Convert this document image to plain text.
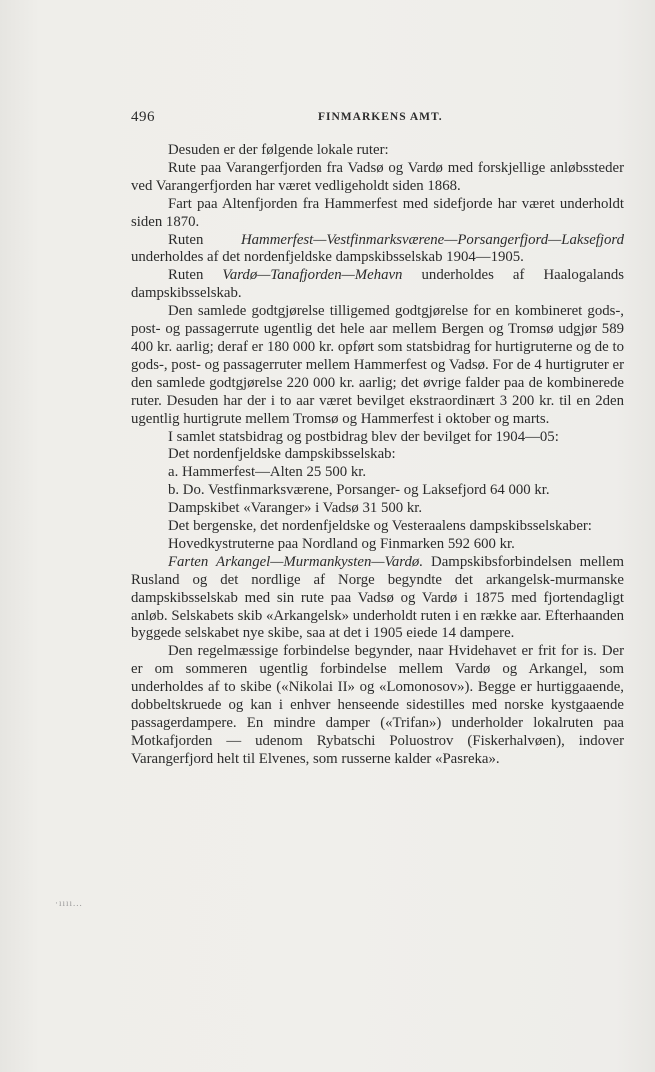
496	FINMARKENS AMT.

Desuden er der følgende lokale ruter:

Rute paa Varangerfjorden fra Vadsø og Vardø med forskjellige anløbssteder ved Varangerfjorden har været vedligeholdt siden 1868.

Fart paa Altenfjorden fra Hammerfest med sidefjorde har været underholdt siden 1870.

Ruten Hammerfest—Vestfinmarksværene—Porsangerfjord—Laksefjord underholdes af det nordenfjeldske dampskibsselskab 1904—1905.

Ruten Vardø—Tanafjorden—Mehavn underholdes af Haalogalands dampskibsselskab.

Den samlede godtgjørelse tilligemed godtgjørelse for en kombineret gods-, post- og passagerrute ugentlig det hele aar mellem Bergen og Tromsø udgjør 589 400 kr. aarlig; deraf er 180 000 kr. opført som statsbidrag for hurtigruterne og de to gods-, post- og passagerruter mellem Hammerfest og Vadsø. For de 4 hurtigruter er den samlede godtgjørelse 220 000 kr. aarlig; det øvrige falder paa de kombinerede ruter. Desuden har der i to aar været bevilget ekstraordinært 3 200 kr. til en 2den ugentlig hurtigrute mellem Tromsø og Hammerfest i oktober og marts.

I samlet statsbidrag og postbidrag blev der bevilget for 1904—05:

Det nordenfjeldske dampskibsselskab:

a. Hammerfest—Alten 25 500 kr.

b. Do. Vestfinmarksværene, Porsanger- og Laksefjord 64 000 kr.

Dampskibet «Varanger» i Vadsø 31 500 kr.

Det bergenske, det nordenfjeldske og Vesteraalens dampskibsselskaber:

Hovedkystruterne paa Nordland og Finmarken 592 600 kr.

Farten Arkangel—Murmankysten—Vardø. Dampskibsforbindelsen mellem Rusland og det nordlige af Norge begyndte det arkangelsk-murmanske dampskibsselskab med sin rute paa Vadsø og Vardø i 1875 med fjortendagligt anløb. Selskabets skib «Arkangelsk» underholdt ruten i en række aar. Efterhaanden byggede selskabet nye skibe, saa at det i 1905 eiede 14 dampere.

Den regelmæssige forbindelse begynder, naar Hvidehavet er frit for is. Der er om sommeren ugentlig forbindelse mellem Vardø og Arkangel, som underholdes af to skibe («Nikolai II» og «Lomonosov»). Begge er hurtiggaaende, dobbeltskruede og kan i enhver henseende sidestilles med norske kystgaaende passagerdampere. En mindre damper («Trifan») underholder lokalruten paa Motkafjorden — udenom Rybatschi Poluostrov (Fiskerhalvøen), indover Varangerfjord helt til Elvenes, som russerne kalder «Pasreka».

·ıııı...
